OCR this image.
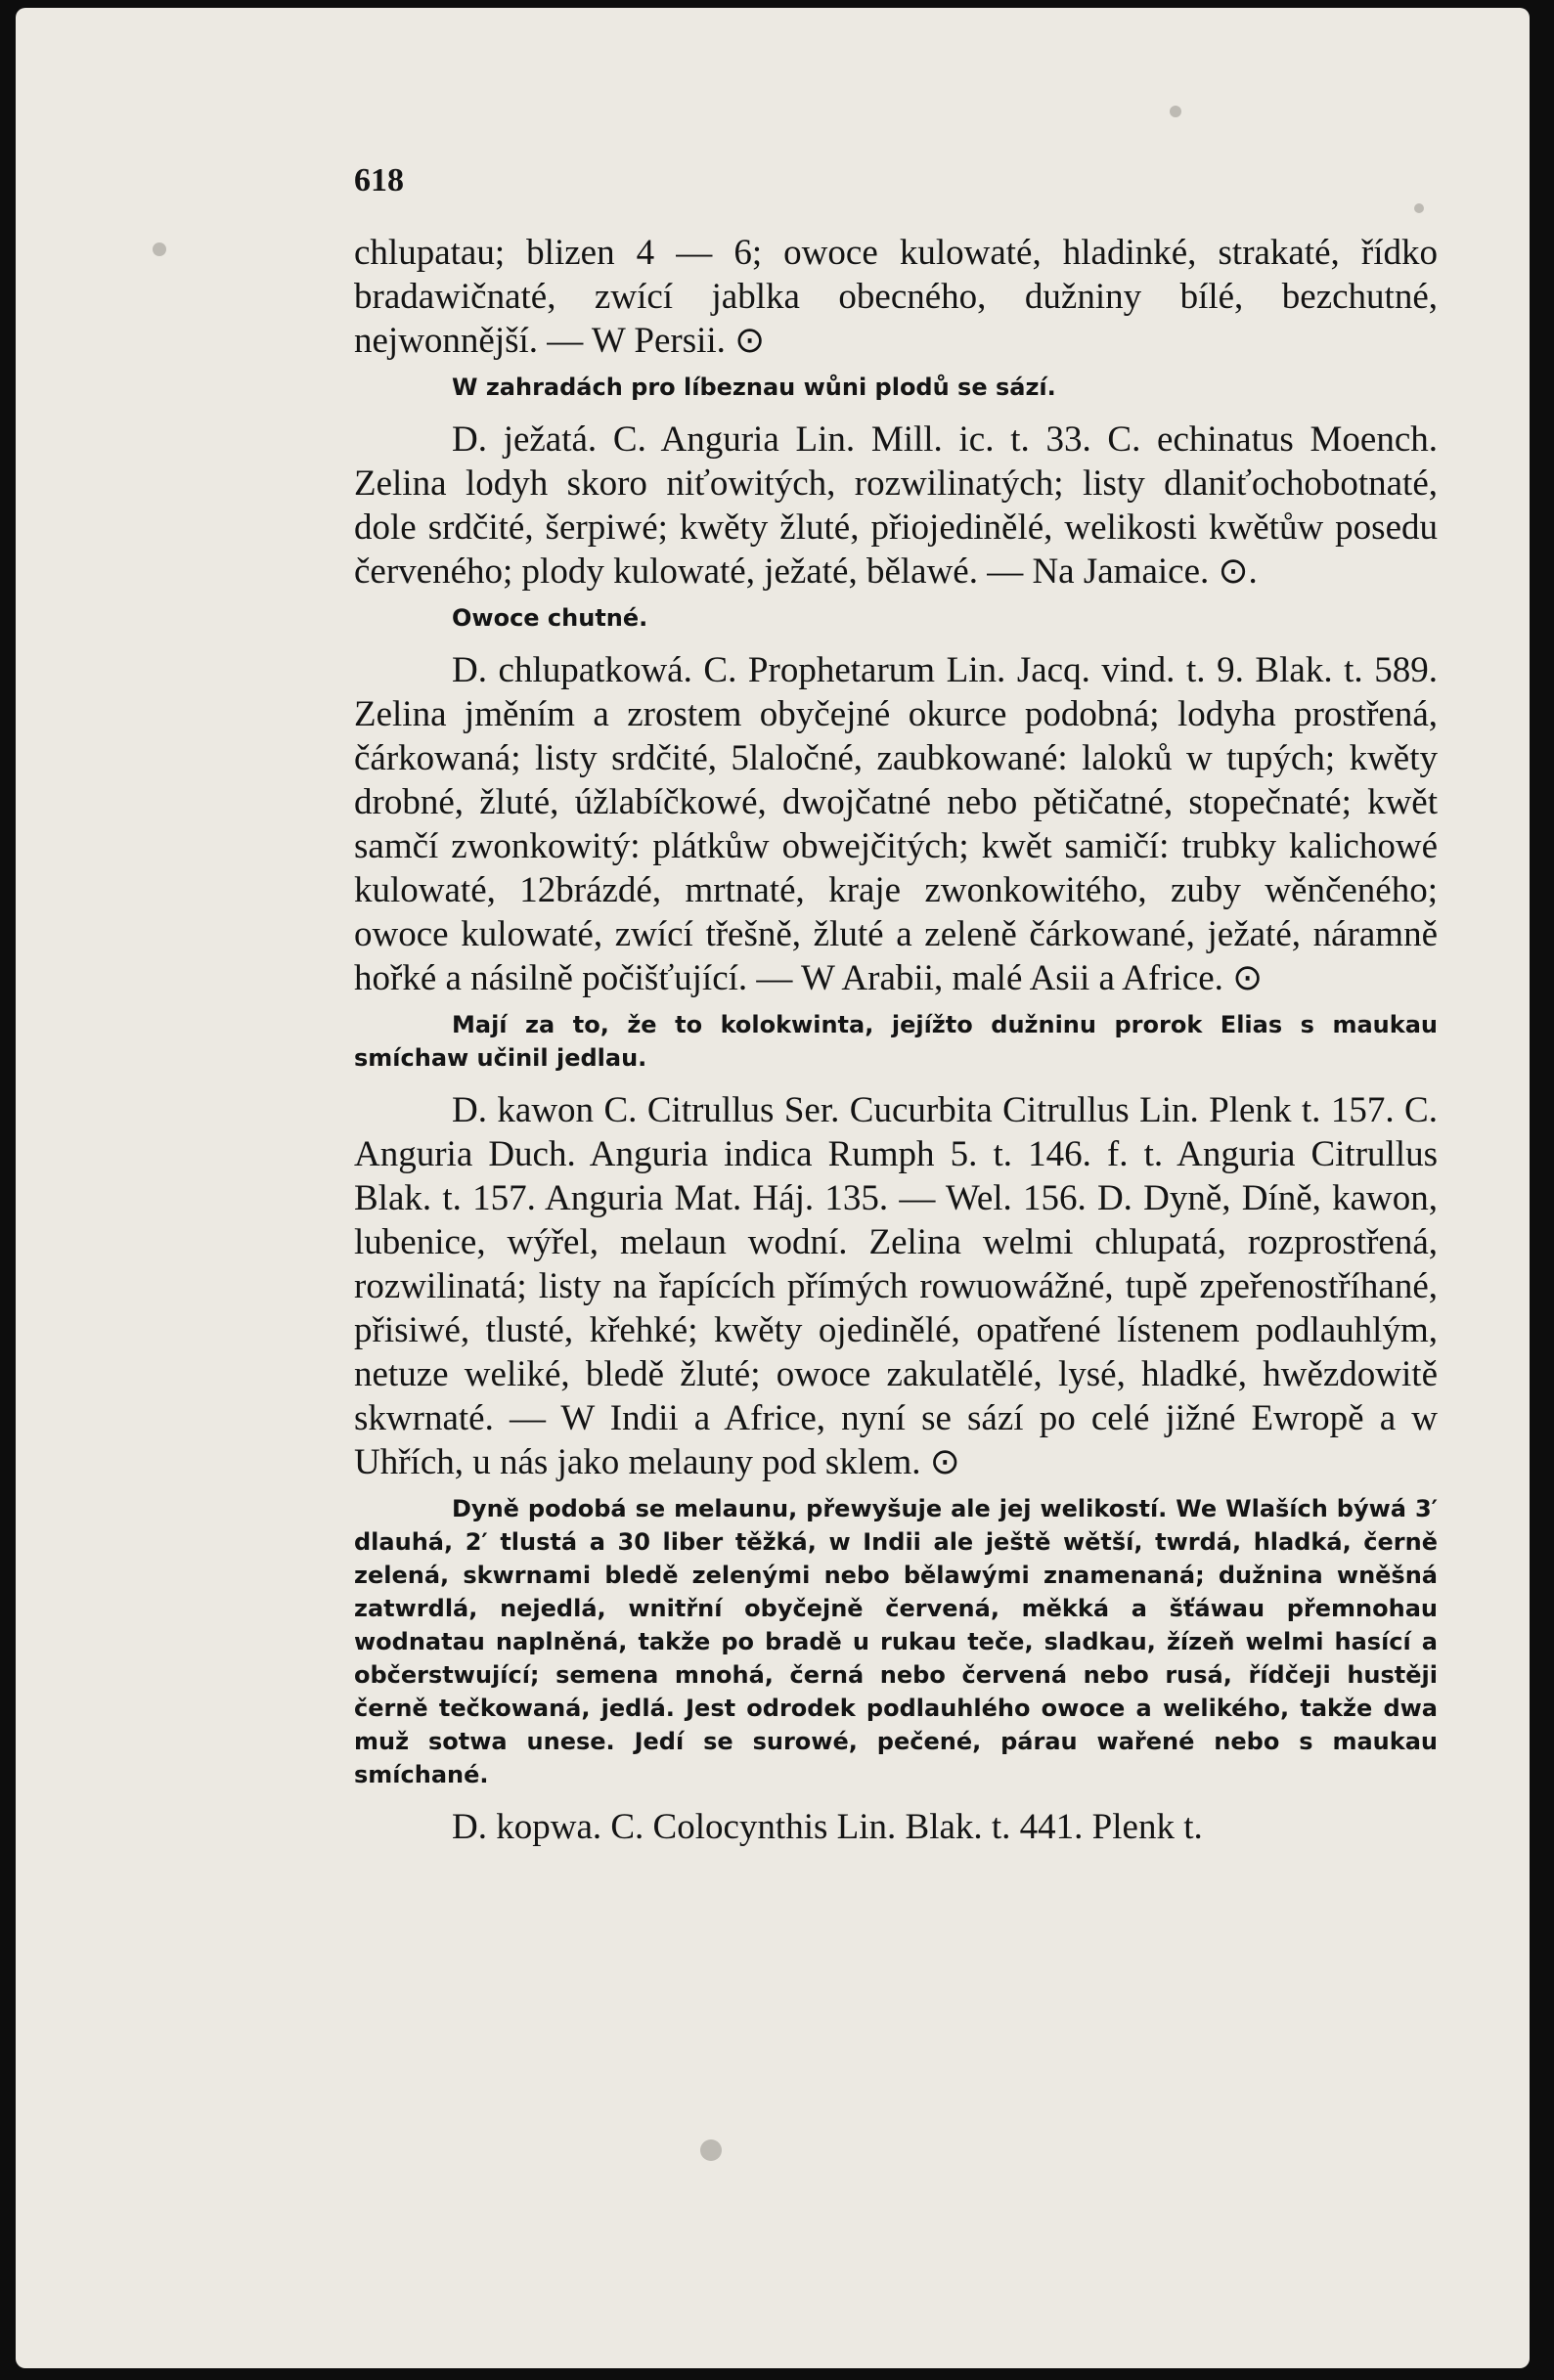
618

chlupatau; blizen 4 — 6; owoce kulowaté, hladinké, strakaté, řídko bradawičnaté, zwící jablka obecného, dužniny bílé, bezchutné, nejwonnější. — W Persii. ⊙

W zahradách pro líbeznau wůni plodů se sází.

D. ježatá. C. Anguria Lin. Mill. ic. t. 33. C. echinatus Moench. Zelina lodyh skoro niťowitých, rozwilinatých; listy dlaniťochobotnaté, dole srdčité, šerpiwé; kwěty žluté, přiojedinělé, welikosti kwětůw posedu červeného; plody kulowaté, ježaté, bělawé. — Na Jamaice. ⊙.

Owoce chutné.

D. chlupatkowá. C. Prophetarum Lin. Jacq. vind. t. 9. Blak. t. 589. Zelina jměním a zrostem obyčejné okurce podobná; lodyha prostřená, čárkowaná; listy srdčité, 5laločné, zaubkowané: laloků w tupých; kwěty drobné, žluté, úžlabíčkowé, dwojčatné nebo pětičatné, stopečnaté; kwět samčí zwonkowitý: plátkůw obwejčitých; kwět samičí: trubky kalichowé kulowaté, 12brázdé, mrtnaté, kraje zwonkowitého, zuby wěnčeného; owoce kulowaté, zwící třešně, žluté a zeleně čárkowané, ježaté, náramně hořké a násilně počišťující. — W Arabii, malé Asii a Africe. ⊙

Mají za to, že to kolokwinta, jejížto dužninu prorok Elias s maukau smíchaw učinil jedlau.

D. kawon C. Citrullus Ser. Cucurbita Citrullus Lin. Plenk t. 157. C. Anguria Duch. Anguria indica Rumph 5. t. 146. f. t. Anguria Citrullus Blak. t. 157. Anguria Mat. Háj. 135. — Wel. 156. D. Dyně, Díně, kawon, lubenice, wýřel, melaun wodní. Zelina welmi chlupatá, rozprostřená, rozwilinatá; listy na řapících přímých rowuowážné, tupě zpeřenostříhané, přisiwé, tlusté, křehké; kwěty ojedinělé, opatřené lístenem podlauhlým, netuze weliké, bledě žluté; owoce zakulatělé, lysé, hladké, hwězdowitě skwrnaté. — W Indii a Africe, nyní se sází po celé jižné Ewropě a w Uhřích, u nás jako melauny pod sklem. ⊙

Dyně podobá se melaunu, přewyšuje ale jej welikostí. We Wlaších býwá 3′ dlauhá, 2′ tlustá a 30 liber těžká, w Indii ale ještě wětší, twrdá, hladká, černě zelená, skwrnami bledě zelenými nebo bělawými znamenaná; dužnina wněšná zatwrdlá, nejedlá, wnitřní obyčejně červená, měkká a šťáwau přemnohau wodnatau naplněná, takže po bradě u rukau teče, sladkau, žízeň welmi hasící a občerstwující; semena mnohá, černá nebo červená nebo rusá, řídčeji hustěji černě tečkowaná, jedlá. Jest odrodek podlauhlého owoce a welikého, takže dwa muž sotwa unese. Jedí se surowé, pečené, párau wařené nebo s maukau smíchané.

D. kopwa. C. Colocynthis Lin. Blak. t. 441. Plenk t.
